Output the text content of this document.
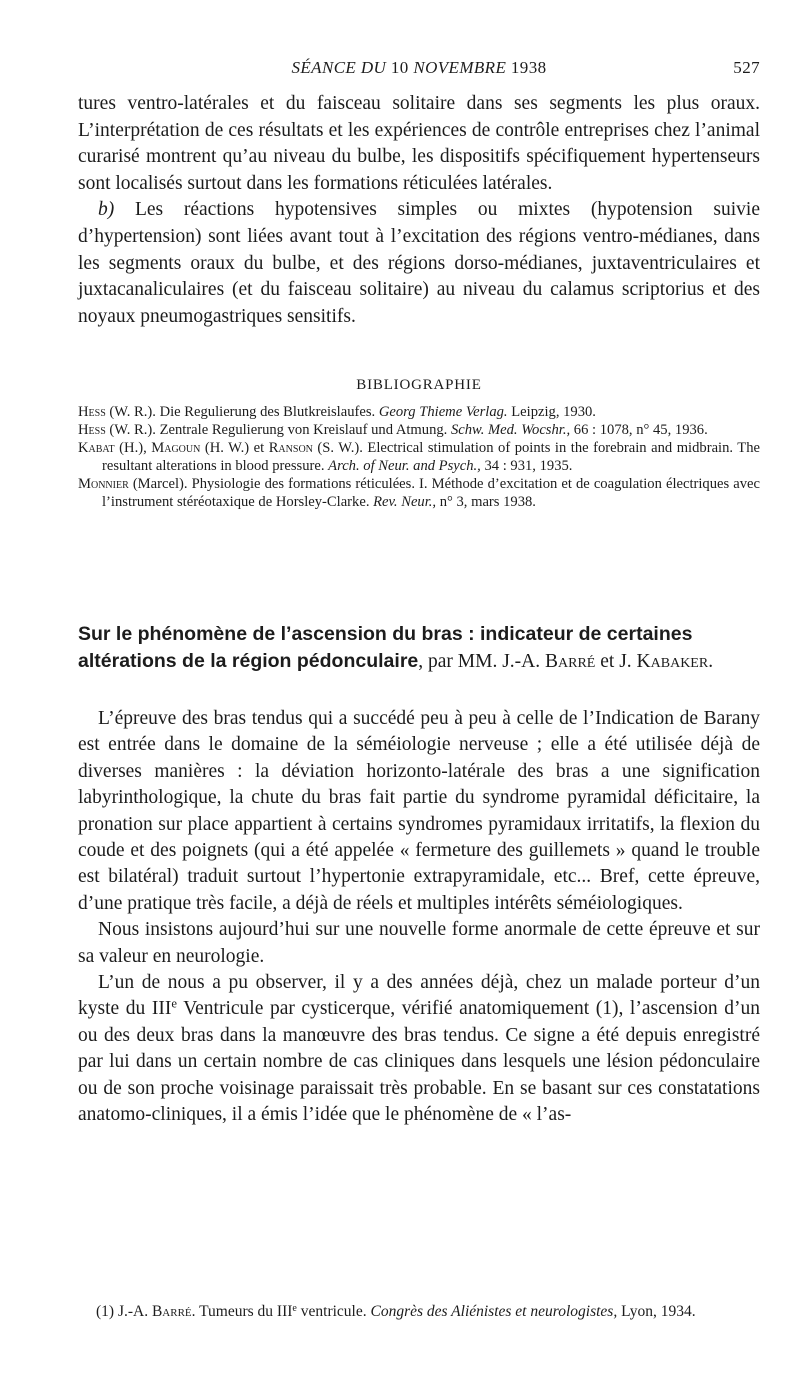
SÉANCE DU 10 NOVEMBRE 1938	527

tures ventro-latérales et du faisceau solitaire dans ses segments les plus oraux. L’interprétation de ces résultats et les expériences de contrôle entreprises chez l’animal curarisé montrent qu’au niveau du bulbe, les dispositifs spécifiquement hypertenseurs sont localisés surtout dans les formations réticulées latérales.

b) Les réactions hypotensives simples ou mixtes (hypotension suivie d’hypertension) sont liées avant tout à l’excitation des régions ventro-médianes, dans les segments oraux du bulbe, et des régions dorso-médianes, juxtaventriculaires et juxtacanaliculaires (et du faisceau solitaire) au niveau du calamus scriptorius et des noyaux pneumogastriques sensitifs.

BIBLIOGRAPHIE
Hess (W. R.). Die Regulierung des Blutkreislaufes. Georg Thieme Verlag. Leipzig, 1930.
Hess (W. R.). Zentrale Regulierung von Kreislauf und Atmung. Schw. Med. Wocshr., 66 : 1078, n° 45, 1936.
Kabat (H.), Magoun (H. W.) et Ranson (S. W.). Electrical stimulation of points in the forebrain and midbrain. The resultant alterations in blood pressure. Arch. of Neur. and Psych., 34 : 931, 1935.
Monnier (Marcel). Physiologie des formations réticulées. I. Méthode d’excitation et de coagulation électriques avec l’instrument stéréotaxique de Horsley-Clarke. Rev. Neur., n° 3, mars 1938.
Sur le phénomène de l’ascension du bras : indicateur de certaines altérations de la région pédonculaire, par MM. J.-A. Barré et J. Kabaker.

L’épreuve des bras tendus qui a succédé peu à peu à celle de l’Indication de Barany est entrée dans le domaine de la séméiologie nerveuse ; elle a été utilisée déjà de diverses manières : la déviation horizonto-latérale des bras a une signification labyrinthologique, la chute du bras fait partie du syndrome pyramidal déficitaire, la pronation sur place appartient à certains syndromes pyramidaux irritatifs, la flexion du coude et des poignets (qui a été appelée « fermeture des guillemets » quand le trouble est bilatéral) traduit surtout l’hypertonie extrapyramidale, etc... Bref, cette épreuve, d’une pratique très facile, a déjà de réels et multiples intérêts séméiologiques.

Nous insistons aujourd’hui sur une nouvelle forme anormale de cette épreuve et sur sa valeur en neurologie.

L’un de nous a pu observer, il y a des années déjà, chez un malade porteur d’un kyste du IIIe Ventricule par cysticerque, vérifié anatomiquement (1), l’ascension d’un ou des deux bras dans la manœuvre des bras tendus. Ce signe a été depuis enregistré par lui dans un certain nombre de cas cliniques dans lesquels une lésion pédonculaire ou de son proche voisinage paraissait très probable. En se basant sur ces constatations anatomo-cliniques, il a émis l’idée que le phénomène de « l’as-

(1) J.-A. Barré. Tumeurs du IIIe ventricule. Congrès des Aliénistes et neurologistes, Lyon, 1934.
